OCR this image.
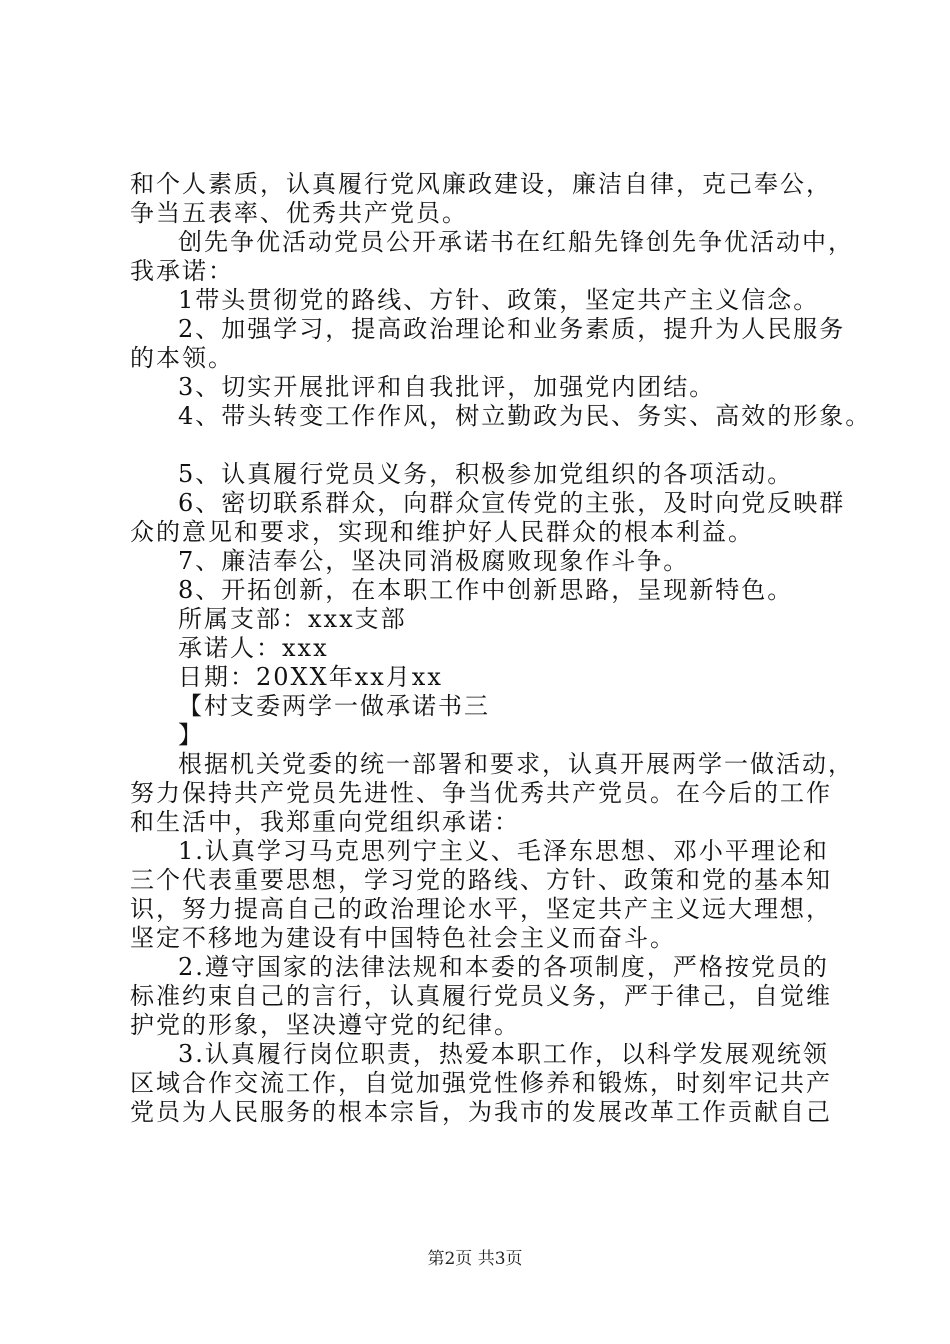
和个人素质，认真履行党风廉政建设，廉洁自律，克己奉公，
争当五表率、优秀共产党员。
创先争优活动党员公开承诺书在红船先锋创先争优活动中，
我承诺：
1带头贯彻党的路线、方针、政策，坚定共产主义信念。
2、加强学习，提高政治理论和业务素质，提升为人民服务
的本领。
3、切实开展批评和自我批评，加强党内团结。
4、带头转变工作作风，树立勤政为民、务实、高效的形象。
5、认真履行党员义务，积极参加党组织的各项活动。
6、密切联系群众，向群众宣传党的主张，及时向党反映群
众的意见和要求，实现和维护好人民群众的根本利益。
7、廉洁奉公，坚决同消极腐败现象作斗争。
8、开拓创新，在本职工作中创新思路，呈现新特色。
所属支部：xxx支部
承诺人：xxx
日期：20XX年xx月xx
【村支委两学一做承诺书三
】
根据机关党委的统一部署和要求，认真开展两学一做活动，
努力保持共产党员先进性、争当优秀共产党员。在今后的工作
和生活中，我郑重向党组织承诺：
1.认真学习马克思列宁主义、毛泽东思想、邓小平理论和
三个代表重要思想，学习党的路线、方针、政策和党的基本知
识，努力提高自己的政治理论水平，坚定共产主义远大理想，
坚定不移地为建设有中国特色社会主义而奋斗。
2.遵守国家的法律法规和本委的各项制度，严格按党员的
标准约束自己的言行，认真履行党员义务，严于律己，自觉维
护党的形象，坚决遵守党的纪律。
3.认真履行岗位职责，热爱本职工作，以科学发展观统领
区域合作交流工作，自觉加强党性修养和锻炼，时刻牢记共产
党员为人民服务的根本宗旨，为我市的发展改革工作贡献自己
第2页 共3页
